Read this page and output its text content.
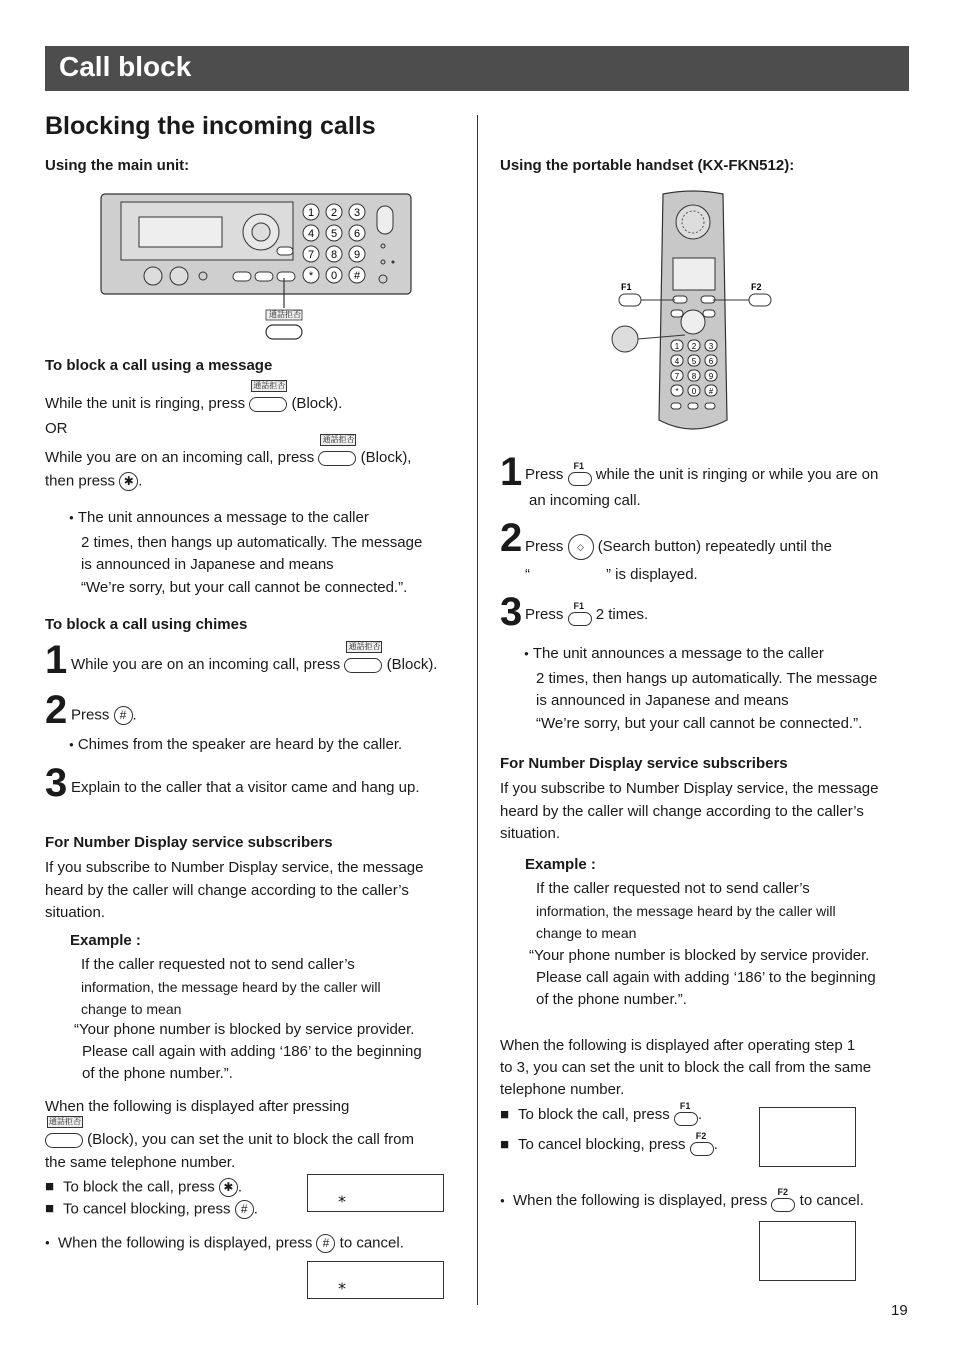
Call block
Blocking the incoming calls
Using the main unit:
1 2 3
4 5 6
7 8 9
* 0 #
通話拒否
To block a call using a message
While the unit is ringing, press
通話拒否
(Block).
OR
While you are on an incoming call, press
通話拒否
(Block),
then press ✱ .

● The unit announces a message to the caller

2 times, then hangs up automatically. The message

is announced in Japanese and means

“We’re sorry, but your call cannot be connected.”.

To block a call using chimes
1 While you are on an incoming call, press
通話拒否
(Block).
2 Press # .
● Chimes from the speaker are heard by the caller.
3 Explain to the caller that a visitor came and hang up.
For Number Display service subscribers

If you subscribe to Number Display service, the message

heard by the caller will change according to the caller’s

situation.

Example :

If the caller requested not to send caller’s

information, the message heard by the caller will

change to mean

“Your phone number is blocked by service provider.

Please call again with adding ‘186’ to the beginning

of the phone number.”.

When the following is displayed after pressing
通話拒否
(Block), you can set the unit to block the call from
the same telephone number.
■ To block the call, press ✱ .
■ To cancel blocking, press # .
⁎
● When the following is displayed, press # to cancel.
⁎
Using the portable handset (KX-FKN512):
1 2 3
4 5 6
7 8 9
* 0 #
F1	F2
1 Press F1 while the unit is ringing or while you are on
an incoming call.
2 Press ◇ (Search button) repeatedly until the
“	” is displayed.
3 Press F1 2 times.

● The unit announces a message to the caller

2 times, then hangs up automatically. The message

is announced in Japanese and means

“We’re sorry, but your call cannot be connected.”.

For Number Display service subscribers

If you subscribe to Number Display service, the message

heard by the caller will change according to the caller’s

situation.

Example :

If the caller requested not to send caller’s

information, the message heard by the caller will

change to mean

“Your phone number is blocked by service provider.

Please call again with adding ‘186’ to the beginning

of the phone number.”.

When the following is displayed after operating step 1

to 3, you can set the unit to block the call from the same

telephone number.

■ To block the call, press F1 .
■ To cancel blocking, press F2 .
● When the following is displayed, press F2 to cancel.
19
